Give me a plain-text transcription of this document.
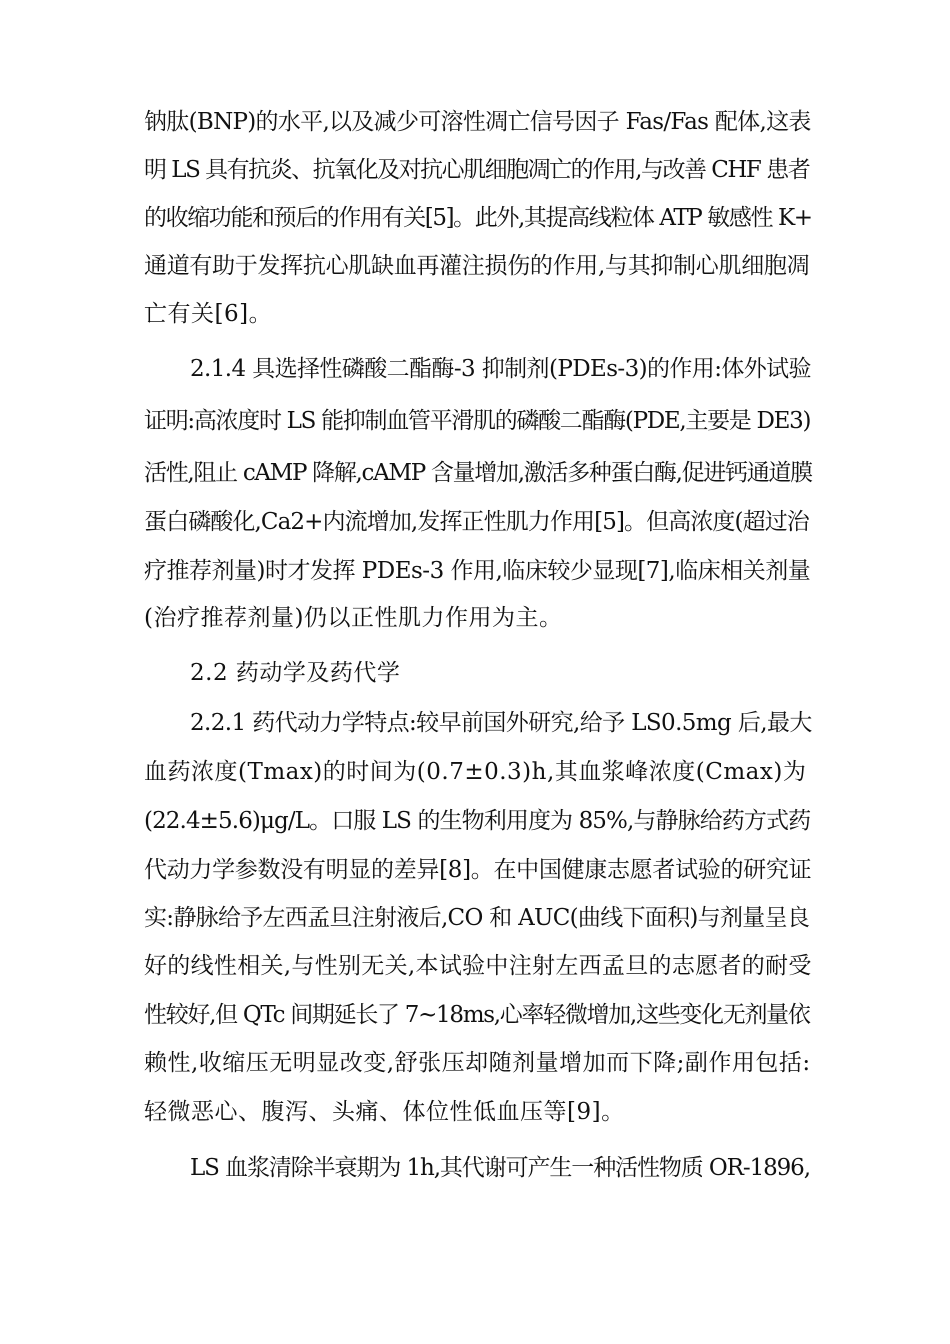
钠肽(BNP)的水平,以及减少可溶性凋亡信号因子 Fas/Fas 配体,这表
明 LS 具有抗炎、抗氧化及对抗心肌细胞凋亡的作用,与改善 CHF 患者
的收缩功能和预后的作用有关[5]。此外,其提高线粒体 ATP 敏感性 K+
通道有助于发挥抗心肌缺血再灌注损伤的作用,与其抑制心肌细胞凋
亡有关[6]。
2.1.4 具选择性磷酸二酯酶-3 抑制剂(PDEs-3)的作用:体外试验
证明:高浓度时 LS 能抑制血管平滑肌的磷酸二酯酶(PDE,主要是 DE3)
活性,阻止 cAMP 降解,cAMP 含量增加,激活多种蛋白酶,促进钙通道膜
蛋白磷酸化,Ca2+内流增加,发挥正性肌力作用[5]。但高浓度(超过治
疗推荐剂量)时才发挥 PDEs-3 作用,临床较少显现[7],临床相关剂量
(治疗推荐剂量)仍以正性肌力作用为主。
2.2 药动学及药代学
2.2.1 药代动力学特点:较早前国外研究,给予 LS0.5mg 后,最大
血药浓度(Tmax)的时间为(0.7±0.3)h,其血浆峰浓度(Cmax)为
(22.4±5.6)μg/L。口服 LS 的生物利用度为 85%,与静脉给药方式药
代动力学参数没有明显的差异[8]。在中国健康志愿者试验的研究证
实:静脉给予左西孟旦注射液后,CO 和 AUC(曲线下面积)与剂量呈良
好的线性相关,与性别无关,本试验中注射左西孟旦的志愿者的耐受
性较好,但 QTc 间期延长了 7~18ms,心率轻微增加,这些变化无剂量依
赖性,收缩压无明显改变,舒张压却随剂量增加而下降;副作用包括:
轻微恶心、腹泻、头痛、体位性低血压等[9]。
LS 血浆清除半衰期为 1h,其代谢可产生一种活性物质 OR-1896,
